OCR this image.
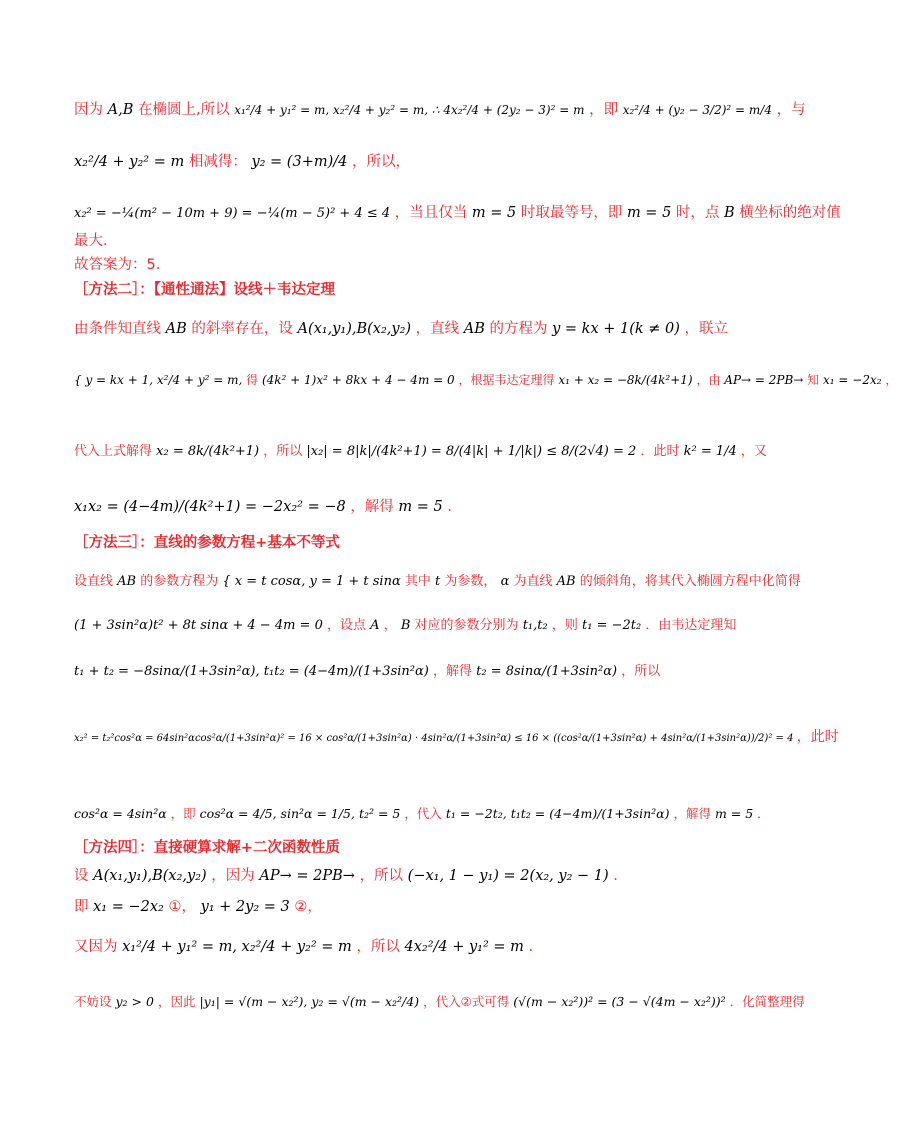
因为 A,B 在椭圆上,所以 x₁²/4 + y₁² = m, x₂²/4 + y₂² = m, ∴ 4x₂²/4 + (2y₂ − 3)² = m ，即 x₂²/4 + (y₂ − 3/2)² = m/4 ，与
x₂²/4 + y₂² = m 相减得： y₂ = (3+m)/4 ，所以，
x₂² = −¼(m² − 10m + 9) = −¼(m − 5)² + 4 ≤ 4 ，当且仅当 m = 5 时取最等号，即 m = 5 时，点 B 横坐标的绝对值
最大.
故答案为：5.
［方法二］：【通性通法】设线＋韦达定理
由条件知直线 AB 的斜率存在，设 A(x₁,y₁),B(x₂,y₂) ，直线 AB 的方程为 y = kx + 1(k ≠ 0) ，联立
{ y = kx + 1, x²/4 + y² = m, 得 (4k² + 1)x² + 8kx + 4 − 4m = 0 ，根据韦达定理得 x₁ + x₂ = −8k/(4k²+1) ，由 AP→ = 2PB→ 知 x₁ = −2x₂ ，
代入上式解得 x₂ = 8k/(4k²+1) ，所以 |x₂| = 8|k|/(4k²+1) = 8/(4|k| + 1/|k|) ≤ 8/(2√4) = 2 ．此时 k² = 1/4 ，又
x₁x₂ = (4−4m)/(4k²+1) = −2x₂² = −8 ，解得 m = 5 ．
［方法三］：直线的参数方程+基本不等式
设直线 AB 的参数方程为 { x = t cosα, y = 1 + t sinα 其中 t 为参数， α 为直线 AB 的倾斜角，将其代入椭圆方程中化简得
(1 + 3sin²α)t² + 8t sinα + 4 − 4m = 0 ，设点 A ， B 对应的参数分别为 t₁,t₂ ，则 t₁ = −2t₂ ．由韦达定理知
t₁ + t₂ = −8sinα/(1+3sin²α), t₁t₂ = (4−4m)/(1+3sin²α) ，解得 t₂ = 8sinα/(1+3sin²α) ，所以
x₂² = t₂²cos²α = 64sin²αcos²α/(1+3sin²α)² = 16 × cos²α/(1+3sin²α) · 4sin²α/(1+3sin²α) ≤ 16 × ((cos²α/(1+3sin²α) + 4sin²α/(1+3sin²α))/2)² = 4 ，此时
cos²α = 4sin²α ，即 cos²α = 4/5, sin²α = 1/5, t₂² = 5 ，代入 t₁ = −2t₂, t₁t₂ = (4−4m)/(1+3sin²α) ，解得 m = 5 ．
［方法四］：直接硬算求解+二次函数性质
设 A(x₁,y₁),B(x₂,y₂) ，因为 AP→ = 2PB→ ，所以 (−x₁, 1 − y₁) = 2(x₂, y₂ − 1) .
即 x₁ = −2x₂ ①， y₁ + 2y₂ = 3 ②，
又因为 x₁²/4 + y₁² = m, x₂²/4 + y₂² = m ，所以 4x₂²/4 + y₁² = m .
不妨设 y₂ > 0 ，因此 |y₁| = √(m − x₂²), y₂ = √(m − x₂²/4) ，代入②式可得 (√(m − x₂²))² = (3 − √(4m − x₂²))² ．化简整理得
